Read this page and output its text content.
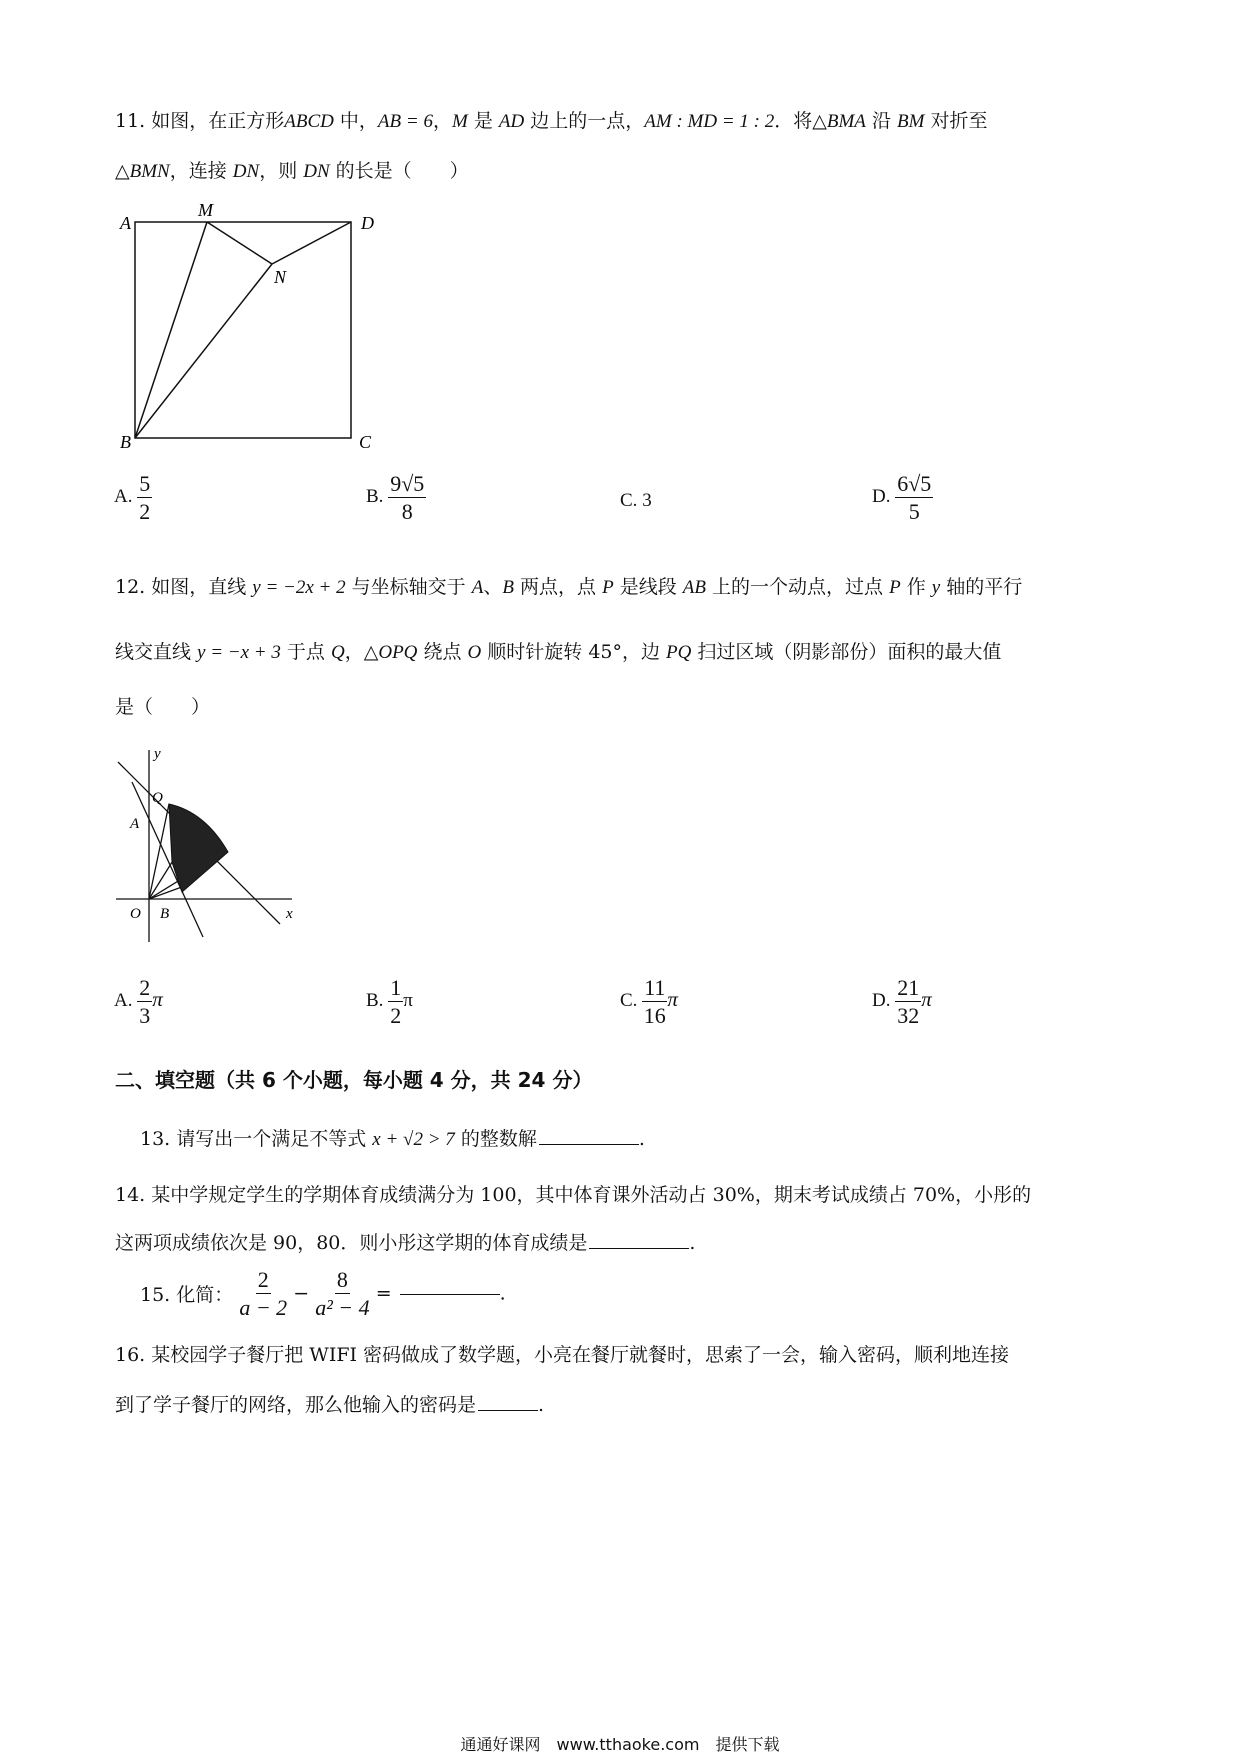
11. 如图，在正方形ABCD 中，AB = 6，M 是 AD 边上的一点，AM : MD = 1 : 2．将△BMA 沿 BM 对折至
△BMN，连接 DN，则 DN 的长是（　　）
A
M
D
N
B	C
A. $\frac{5}{2}$	B. $\frac{9√5}{8}$	C. 3	D. $\frac{6√5}{5}$
12. 如图，直线 y = −2x + 2 与坐标轴交于 A、B 两点，点 P 是线段 AB 上的一个动点，过点 P 作 y 轴的平行
线交直线 y = −x + 3 于点 Q，△OPQ 绕点 O 顺时针旋转 45°，边 PQ 扫过区域（阴影部份）面积的最大值
是（　　）
y
x
O B
A
Q
A. $\frac{2}{3}$ π	B. $\frac{1}{2}$ π	C. $\frac{11}{16}$ π	D. $\frac{21}{32}$ π
二、填空题（共 6 个小题，每小题 4 分，共 24 分）
13. 请写出一个满足不等式 x + √2 > 7 的整数解	.
14. 某中学规定学生的学期体育成绩满分为 100，其中体育课外活动占 30%，期末考试成绩占 70%，小彤的
这两项成绩依次是 90，80．则小彤这学期的体育成绩是	.
15. 化简： $\frac{2}{a - 2} - \frac{8}{\text{a² − 4}}$ =	.
16. 某校园学子餐厅把 WIFI 密码做成了数学题，小亮在餐厅就餐时，思索了一会，输入密码，顺利地连接
到了学子餐厅的网络，那么他输入的密码是	.
通通好课网　www.tthaoke.com　提供下载
